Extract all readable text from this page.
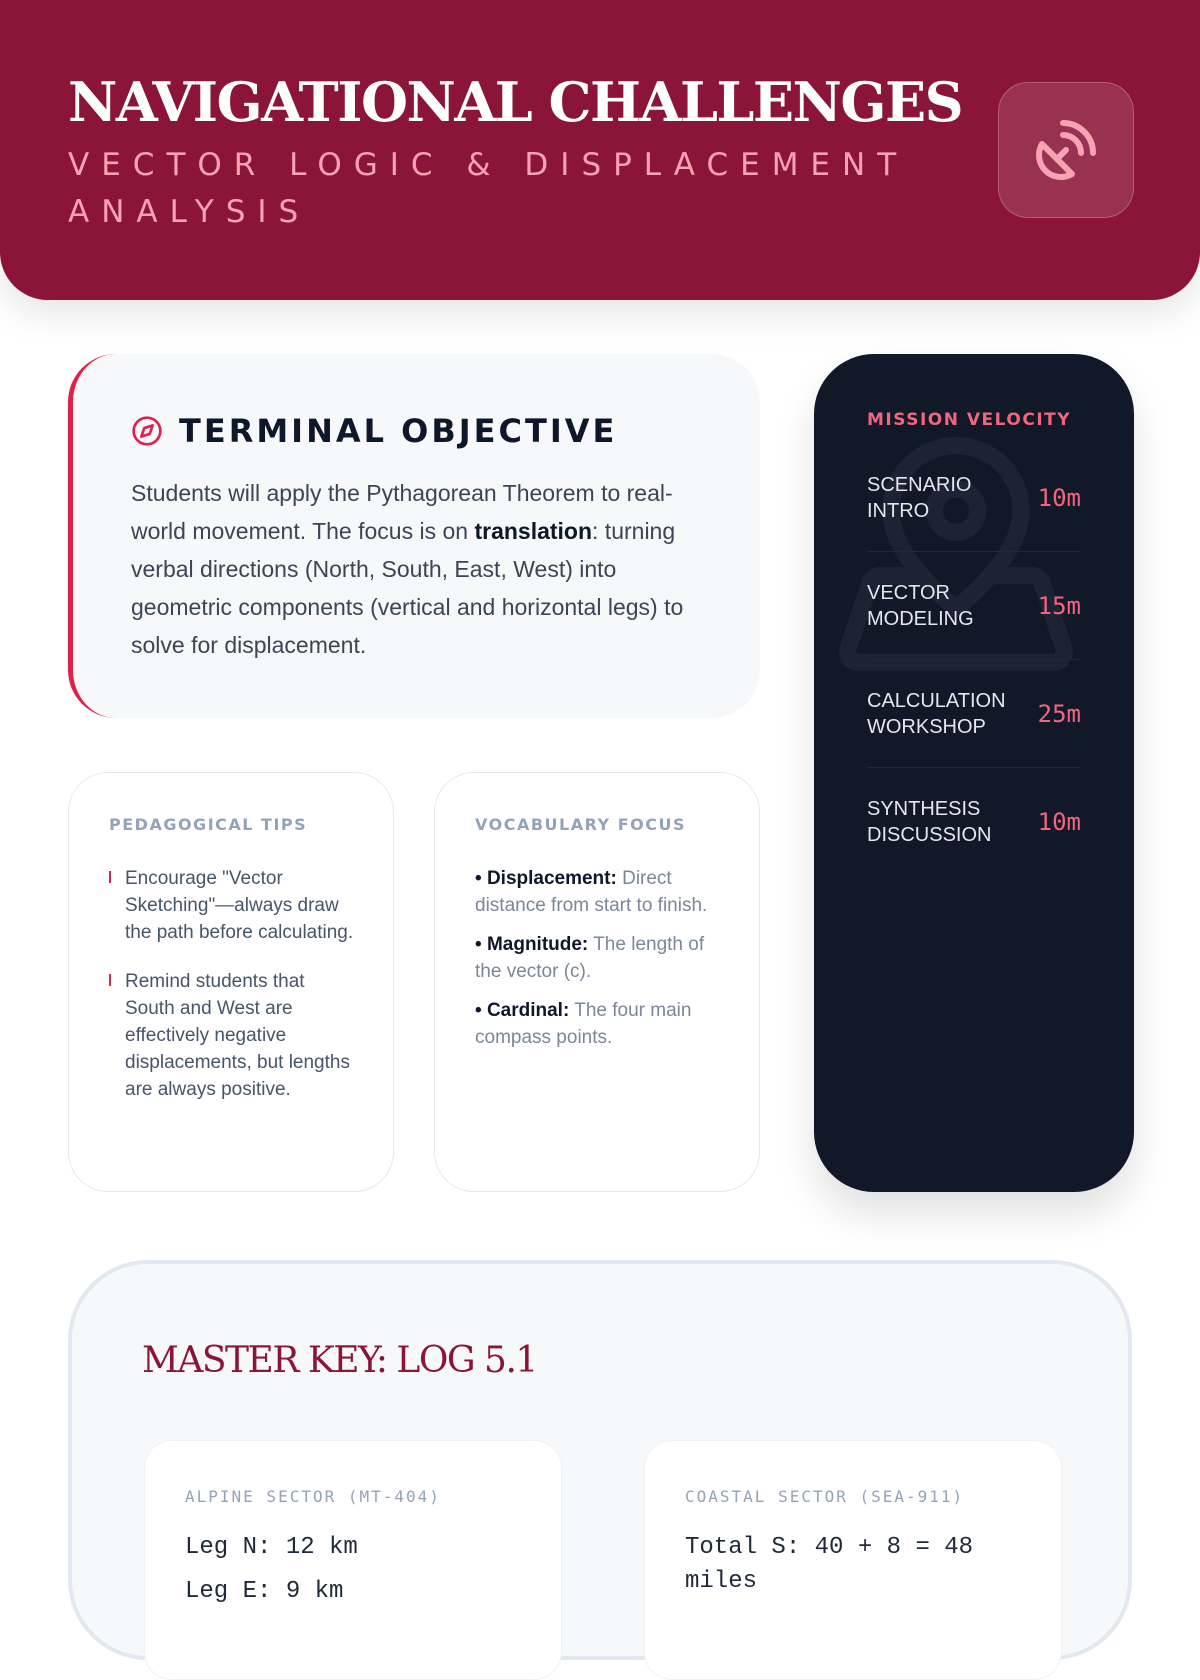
NAVIGATIONAL CHALLENGES

VECTOR LOGIC & DISPLACEMENT ANALYSIS

TERMINAL OBJECTIVE

Students will apply the Pythagorean Theorem to real-world movement. The focus is on translation: turning verbal directions (North, South, East, West) into geometric components (vertical and horizontal legs) to solve for displacement.

PEDAGOGICAL TIPS
Encourage "Vector Sketching"—always draw the path before calculating.
Remind students that South and West are effectively negative displacements, but lengths are always positive.
VOCABULARY FOCUS
• Displacement: Direct distance from start to finish.
• Magnitude: The length of the vector (c).
• Cardinal: The four main compass points.
MISSION VELOCITY
SCENARIO INTRO	10m
VECTOR MODELING	15m
CALCULATION WORKSHOP	25m
SYNTHESIS DISCUSSION	10m
MASTER KEY: LOG 5.1
ALPINE SECTOR (MT-404)
Leg N: 12 km
Leg E: 9 km
COASTAL SECTOR (SEA-911)
Total S: 40 + 8 = 48 miles
